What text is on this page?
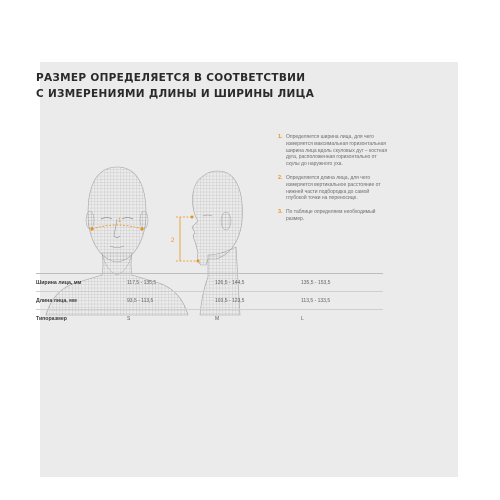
РАЗМЕР ОПРЕДЕЛЯЕТСЯ В СООТВЕТСТВИИ
С ИЗМЕРЕНИЯМИ ДЛИНЫ И ШИРИНЫ ЛИЦА
1
2
1. Определяется ширина лица, для чего измеряется максимальная горизонтальная ширина лица вдоль скуловых дуг – костная дуга, расположенная горизонтально от скулы до наружного уха.
2. Определяется длина лица, для чего измеряется вертикальное расстояние от нижней части подбородка до самой глубокой точки на переносице.
3. По таблице определяем необходимый размер.
Ширина лица, мм	117,5 - 135,5	126,5 - 144,5	135,5 - 153,5
Длина лица, мм	93,5 - 113,5	103,5 - 123,5	113,5 - 133,5
Типоразмер	S	M	L
